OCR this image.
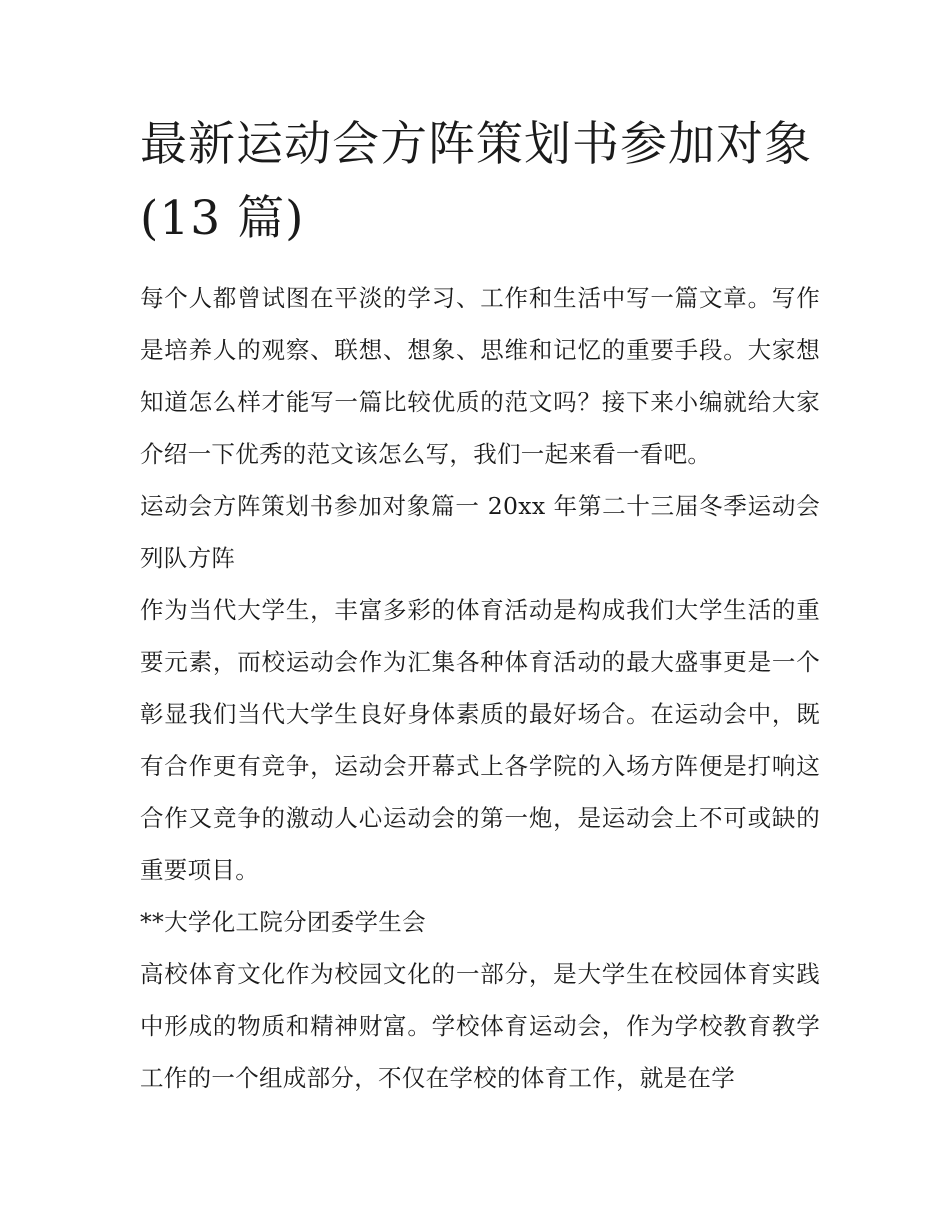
最新运动会方阵策划书参加对象(13 篇)

每个人都曾试图在平淡的学习、工作和生活中写一篇文章。写作是培养人的观察、联想、想象、思维和记忆的重要手段。大家想知道怎么样才能写一篇比较优质的范文吗？接下来小编就给大家介绍一下优秀的范文该怎么写，我们一起来看一看吧。

运动会方阵策划书参加对象篇一 20xx 年第二十三届冬季运动会列队方阵

作为当代大学生，丰富多彩的体育活动是构成我们大学生活的重要元素，而校运动会作为汇集各种体育活动的最大盛事更是一个彰显我们当代大学生良好身体素质的最好场合。在运动会中，既有合作更有竞争，运动会开幕式上各学院的入场方阵便是打响这合作又竞争的激动人心运动会的第一炮，是运动会上不可或缺的重要项目。

**大学化工院分团委学生会

高校体育文化作为校园文化的一部分，是大学生在校园体育实践中形成的物质和精神财富。学校体育运动会，作为学校教育教学工作的一个组成部分，不仅在学校的体育工作，就是在学
